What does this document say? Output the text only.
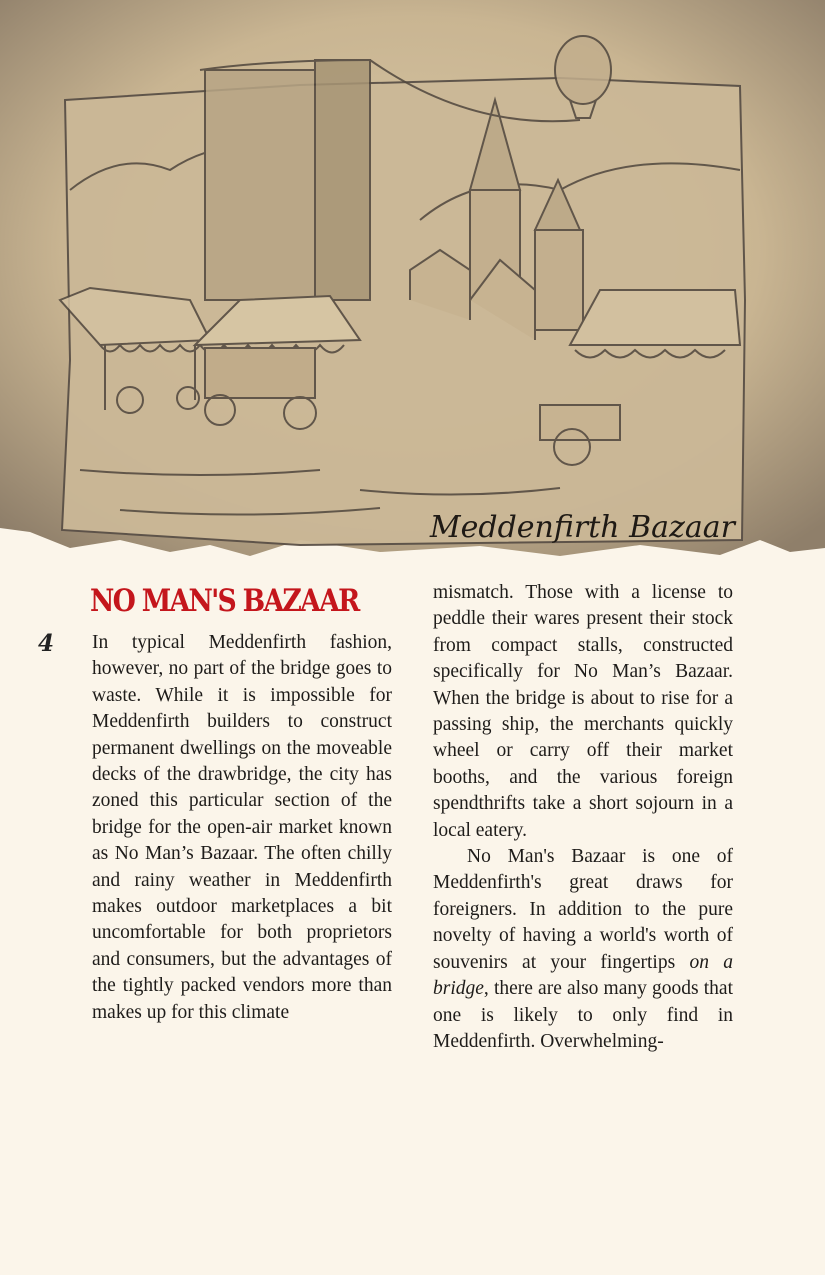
Meddenfirth Bazaar
NO MAN'S BAZAAR
4 In typical Meddenfirth fashion, however, no part of the bridge goes to waste. While it is impossible for Meddenfirth builders to construct permanent dwellings on the moveable decks of the drawbridge, the city has zoned this particular section of the bridge for the open-air market known as No Man’s Bazaar. The often chilly and rainy weather in Meddenfirth makes outdoor marketplaces a bit uncomfortable for both proprietors and consumers, but the advantages of the tightly packed vendors more than makes up for this climate

mismatch. Those with a license to peddle their wares present their stock from compact stalls, constructed specifically for No Man’s Bazaar. When the bridge is about to rise for a passing ship, the merchants quickly wheel or carry off their market booths, and the various foreign spendthrifts take a short sojourn in a local eatery.

No Man's Bazaar is one of Meddenfirth's great draws for foreigners. In addition to the pure novelty of having a world's worth of souvenirs at your fingertips on a bridge, there are also many goods that one is likely to only find in Meddenfirth. Overwhelming-
